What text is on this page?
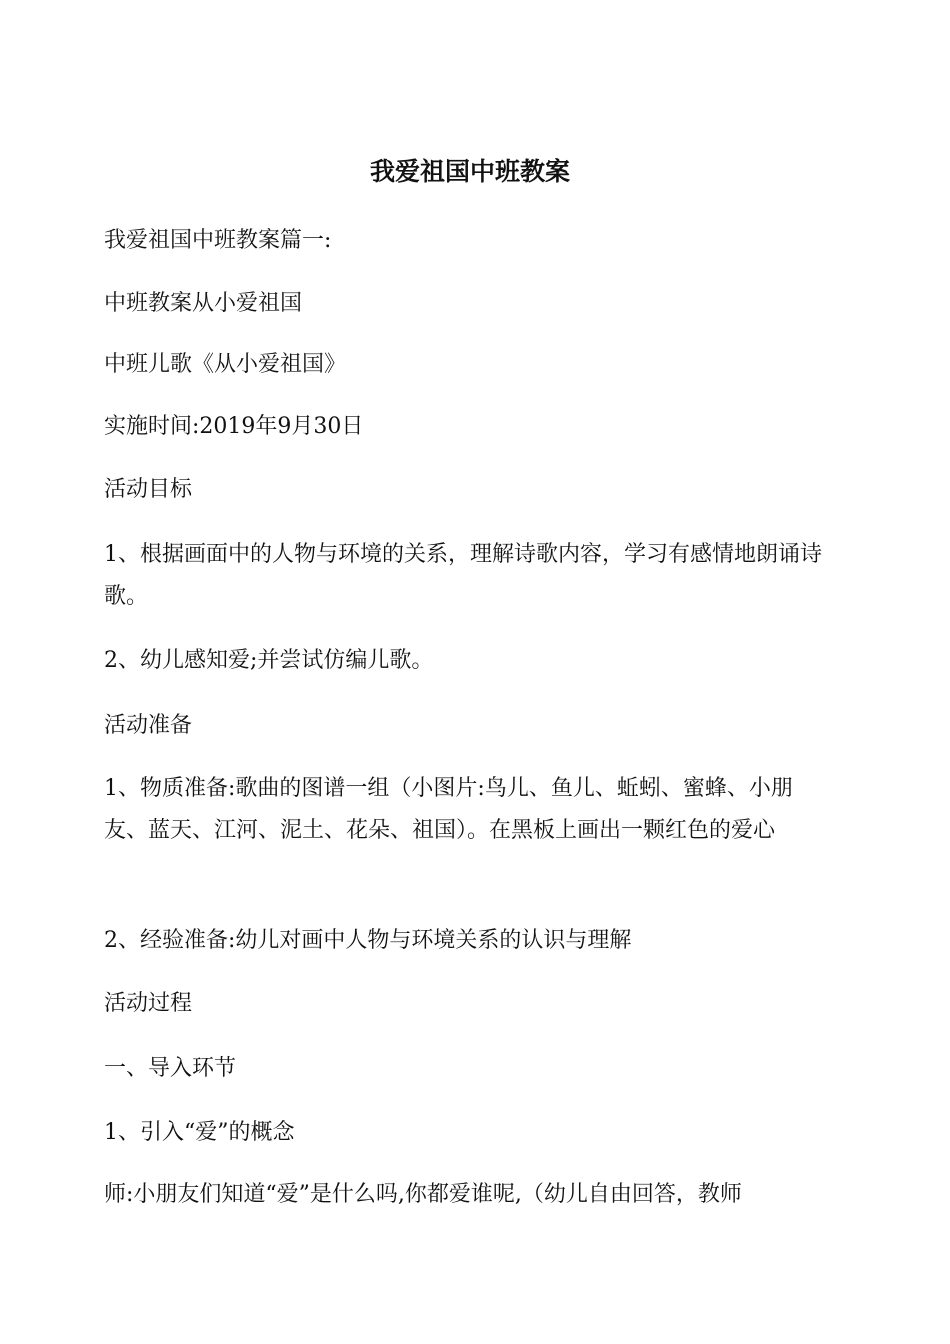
我爱祖国中班教案
我爱祖国中班教案篇一:
中班教案从小爱祖国
中班儿歌《从小爱祖国》
实施时间:2019年9月30日
活动目标
1、根据画面中的人物与环境的关系，理解诗歌内容，学习有感情地朗诵诗歌。
2、幼儿感知爱;并尝试仿编儿歌。
活动准备
1、物质准备:歌曲的图谱一组（小图片:鸟儿、鱼儿、蚯蚓、蜜蜂、小朋友、蓝天、江河、泥土、花朵、祖国）。在黑板上画出一颗红色的爱心
2、经验准备:幼儿对画中人物与环境关系的认识与理解
活动过程
一、导入环节
1、引入“爱”的概念
师:小朋友们知道“爱”是什么吗,你都爱谁呢,（幼儿自由回答，教师
